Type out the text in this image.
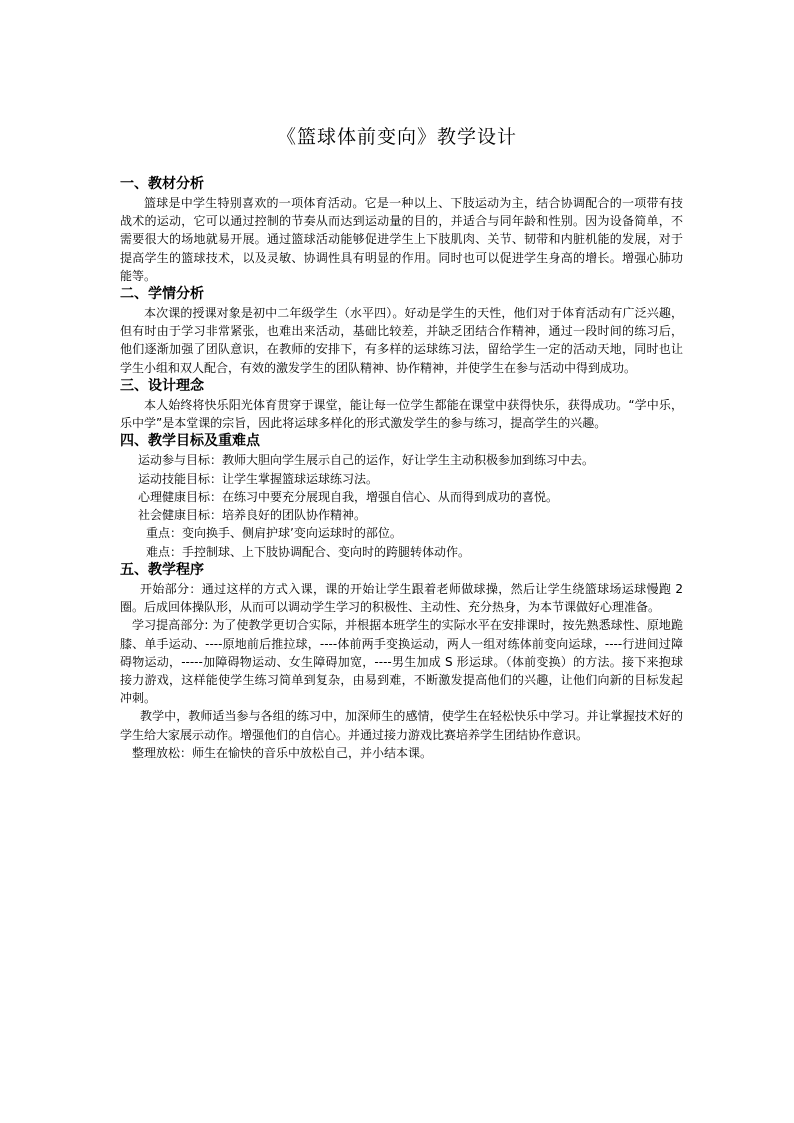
《篮球体前变向》教学设计
一、教材分析

篮球是中学生特别喜欢的一项体育活动。它是一种以上、下肢运动为主，结合协调配合的一项带有技战术的运动，它可以通过控制的节奏从而达到运动量的目的，并适合与同年龄和性别。因为设备简单，不需要很大的场地就易开展。通过篮球活动能够促进学生上下肢肌肉、关节、韧带和内脏机能的发展，对于提高学生的篮球技术，以及灵敏、协调性具有明显的作用。同时也可以促进学生身高的增长。增强心肺功能等。

二、学情分析

本次课的授课对象是初中二年级学生（水平四）。好动是学生的天性，他们对于体育活动有广泛兴趣，但有时由于学习非常紧张，也难出来活动，基础比较差，并缺乏团结合作精神，通过一段时间的练习后，他们逐渐加强了团队意识，在教师的安排下，有多样的运球练习法，留给学生一定的活动天地，同时也让学生小组和双人配合，有效的激发学生的团队精神、协作精神，并使学生在参与活动中得到成功。

三、设计理念

本人始终将快乐阳光体育贯穿于课堂，能让每一位学生都能在课堂中获得快乐，获得成功。“学中乐，乐中学”是本堂课的宗旨，因此将运球多样化的形式激发学生的参与练习，提高学生的兴趣。

四、教学目标及重难点
运动参与目标：教师大胆向学生展示自己的运作，好让学生主动积极参加到练习中去。
运动技能目标：让学生掌握篮球运球练习法。
心理健康目标：在练习中要充分展现自我，增强自信心、从而得到成功的喜悦。
社会健康目标：培养良好的团队协作精神。
重点：变向换手、侧肩护球’变向运球时的部位。
难点：手控制球、上下肢协调配合、变向时的跨腿转体动作。
五、教学程序

开始部分：通过这样的方式入课，课的开始让学生跟着老师做球操，然后让学生绕篮球场运球慢跑 2 圈。后成回体操队形，从而可以调动学生学习的积极性、主动性、充分热身，为本节课做好心理准备。

学习提高部分: 为了使教学更切合实际，并根据本班学生的实际水平在安排课时，按先熟悉球性、原地跪膝、单手运动、----原地前后推拉球，----体前两手变换运动，两人一组对练体前变向运球，----行进间过障碍物运动，-----加障碍物运动、女生障碍加宽，----男生加成 S 形运球。（体前变换）的方法。接下来抱球接力游戏，这样能使学生练习简单到复杂，由易到难，不断激发提高他们的兴趣，让他们向新的目标发起冲刺。

教学中，教师适当参与各组的练习中，加深师生的感情，使学生在轻松快乐中学习。并让掌握技术好的学生给大家展示动作。增强他们的自信心。并通过接力游戏比赛培养学生团结协作意识。

整理放松：师生在愉快的音乐中放松自己，并小结本课。
